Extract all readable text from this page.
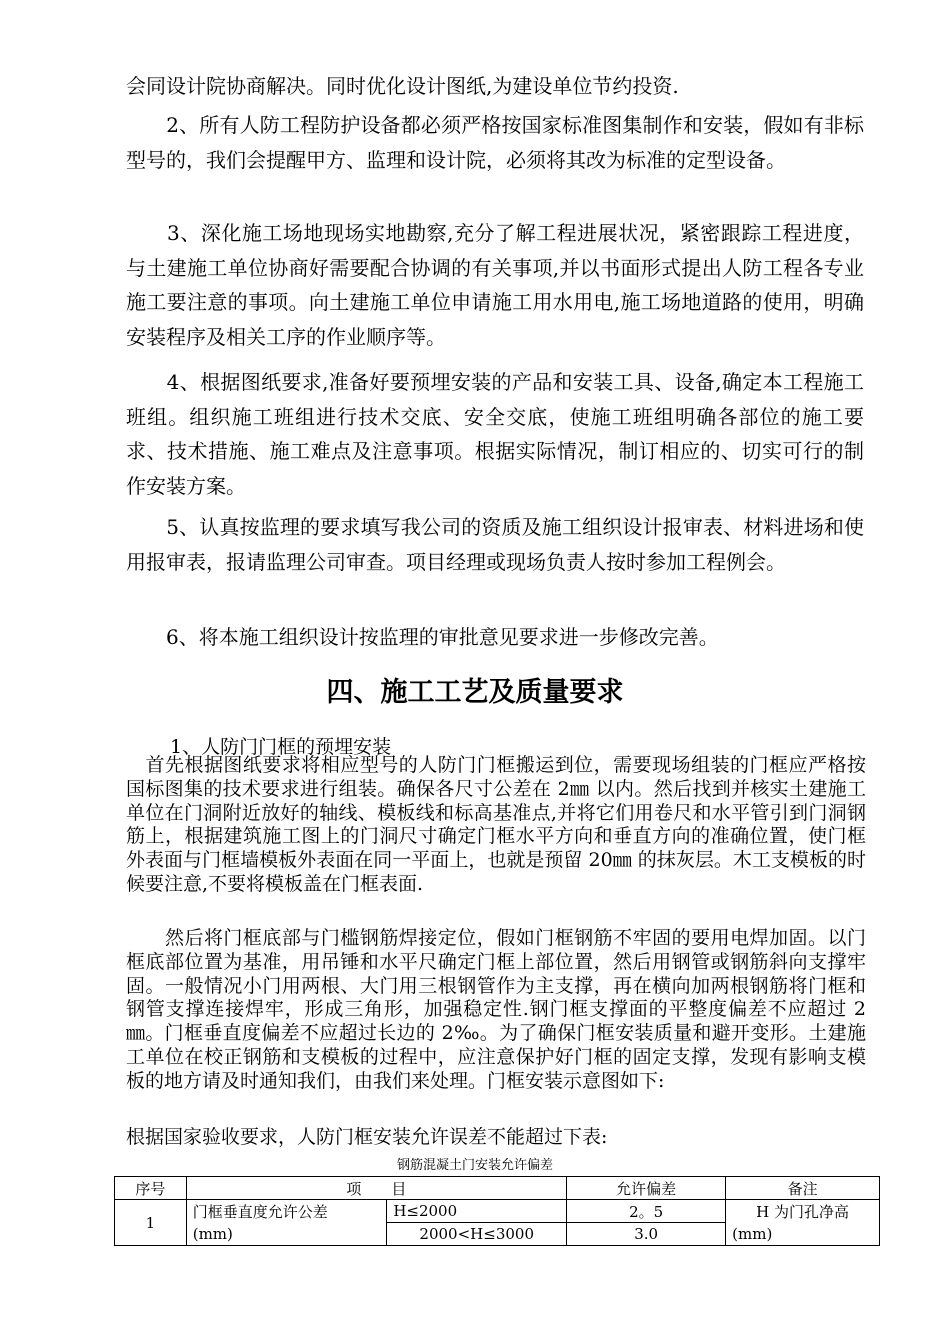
会同设计院协商解决。同时优化设计图纸,为建设单位节约投资.

　　2、所有人防工程防护设备都必须严格按国家标准图集制作和安装，假如有非标型号的，我们会提醒甲方、监理和设计院，必须将其改为标准的定型设备。

　　3、深化施工场地现场实地勘察,充分了解工程进展状况，紧密跟踪工程进度，与土建施工单位协商好需要配合协调的有关事项,并以书面形式提出人防工程各专业施工要注意的事项。向土建施工单位申请施工用水用电,施工场地道路的使用，明确安装程序及相关工序的作业顺序等。

　　4、根据图纸要求,准备好要预埋安装的产品和安装工具、设备,确定本工程施工班组。组织施工班组进行技术交底、安全交底，使施工班组明确各部位的施工要求、技术措施、施工难点及注意事项。根据实际情况，制订相应的、切实可行的制作安装方案。

　　5、认真按监理的要求填写我公司的资质及施工组织设计报审表、材料进场和使用报审表，报请监理公司审查。项目经理或现场负责人按时参加工程例会。

　　6、将本施工组织设计按监理的审批意见要求进一步修改完善。

四、施工工艺及质量要求

1、人防门门框的预埋安装

　首先根据图纸要求将相应型号的人防门门框搬运到位，需要现场组装的门框应严格按国标图集的技术要求进行组装。确保各尺寸公差在 2㎜ 以内。然后找到并核实土建施工单位在门洞附近放好的轴线、模板线和标高基准点,并将它们用卷尺和水平管引到门洞钢筋上，根据建筑施工图上的门洞尺寸确定门框水平方向和垂直方向的准确位置，使门框外表面与门框墙模板外表面在同一平面上，也就是预留 20㎜ 的抹灰层。木工支模板的时候要注意,不要将模板盖在门框表面.

　　然后将门框底部与门槛钢筋焊接定位，假如门框钢筋不牢固的要用电焊加固。以门框底部位置为基准，用吊锤和水平尺确定门框上部位置，然后用钢管或钢筋斜向支撑牢固。一般情况小门用两根、大门用三根钢管作为主支撑，再在横向加两根钢筋将门框和钢管支撑连接焊牢，形成三角形，加强稳定性.钢门框支撑面的平整度偏差不应超过 2㎜。门框垂直度偏差不应超过长边的 2‰。为了确保门框安装质量和避开变形。土建施工单位在校正钢筋和支模板的过程中，应注意保护好门框的固定支撑，发现有影响支模板的地方请及时通知我们，由我们来处理。门框安装示意图如下:

根据国家验收要求，人防门框安装允许误差不能超过下表:

钢筋混凝土门安装允许偏差

序号	项　　目		允许偏差	备注
1	门框垂直度允许公差	H≤2000	2。5	H 为门孔净高
	(mm)	2000<H≤3000	3.0	(mm)
